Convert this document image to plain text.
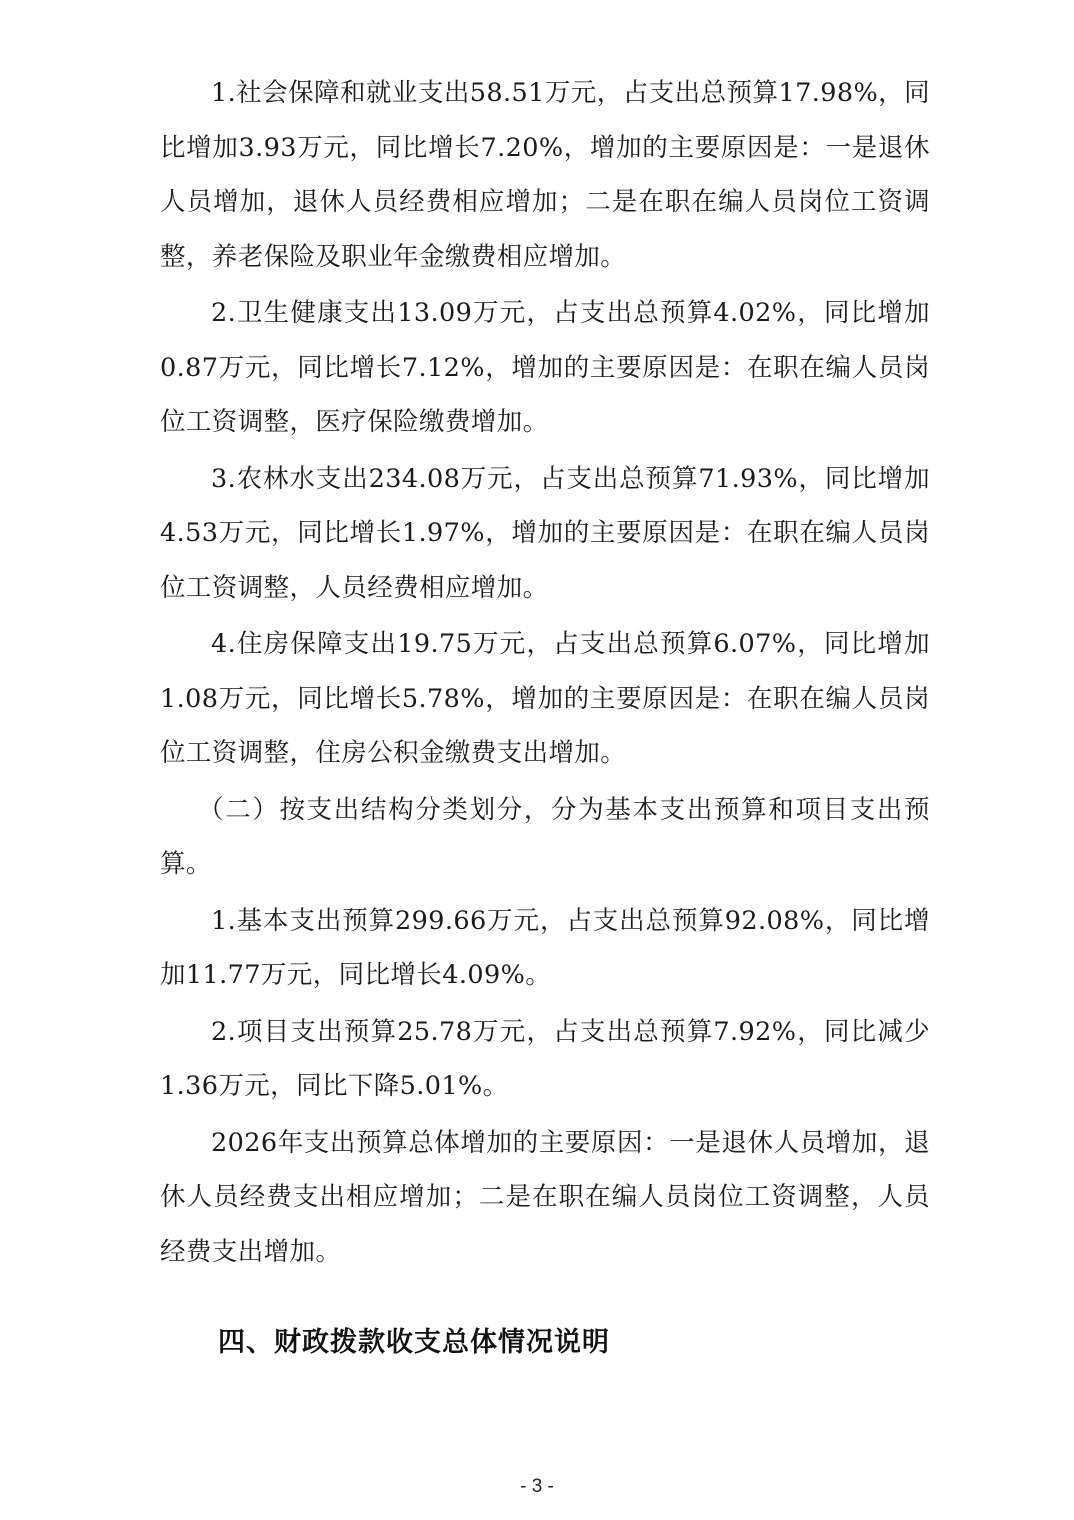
1.社会保障和就业支出58.51万元，占支出总预算17.98%，同比增加3.93万元，同比增长7.20%，增加的主要原因是：一是退休人员增加，退休人员经费相应增加；二是在职在编人员岗位工资调整，养老保险及职业年金缴费相应增加。

2.卫生健康支出13.09万元，占支出总预算4.02%，同比增加0.87万元，同比增长7.12%，增加的主要原因是：在职在编人员岗位工资调整，医疗保险缴费增加。

3.农林水支出234.08万元，占支出总预算71.93%，同比增加4.53万元，同比增长1.97%，增加的主要原因是：在职在编人员岗位工资调整，人员经费相应增加。

4.住房保障支出19.75万元，占支出总预算6.07%，同比增加1.08万元，同比增长5.78%，增加的主要原因是：在职在编人员岗位工资调整，住房公积金缴费支出增加。

（二）按支出结构分类划分，分为基本支出预算和项目支出预算。

1.基本支出预算299.66万元，占支出总预算92.08%，同比增加11.77万元，同比增长4.09%。

2.项目支出预算25.78万元，占支出总预算7.92%，同比减少1.36万元，同比下降5.01%。

2026年支出预算总体增加的主要原因：一是退休人员增加，退休人员经费支出相应增加；二是在职在编人员岗位工资调整，人员经费支出增加。

四、财政拨款收支总体情况说明
- 3 -
